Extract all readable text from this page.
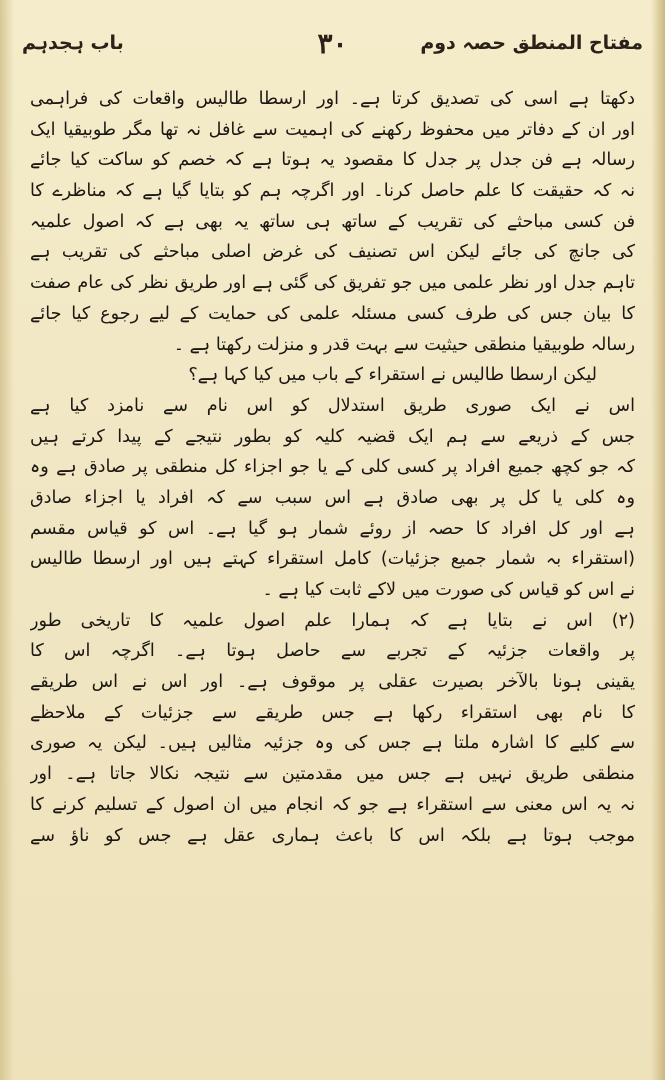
مفتاح المنطق حصہ دوم
۳۰
باب ہجدہم
دکھتا ہے اسی کی تصدیق کرتا ہے۔ اور ارسطا طالیس واقعات کی فراہمی
اور ان کے دفاتر میں محفوظ رکھنے کی اہمیت سے غافل نہ تھا مگر طوبیقیا ایک
رسالہ ہے فن جدل پر جدل کا مقصود یہ ہوتا ہے کہ خصم کو ساکت کیا جائے
نہ کہ حقیقت کا علم حاصل کرنا۔ اور اگرچہ ہم کو بتایا گیا ہے کہ مناظرے کا
فن کسی مباحثے کی تقریب کے ساتھ ہی ساتھ یہ بھی ہے کہ اصول علمیہ
کی جانچ کی جائے لیکن اس تصنیف کی غرض اصلی مباحثے کی تقریب ہے
تاہم جدل اور نظر علمی میں جو تفریق کی گئی ہے اور طریق نظر کی عام صفت
کا بیان جس کی طرف کسی مسئلہ علمی کی حمایت کے لیے رجوع کیا جائے
رسالہ طوبیقیا منطقی حیثیت سے بہت قدر و منزلت رکھتا ہے ۔
لیکن ارسطا طالیس نے استقراء کے باب میں کیا کہا ہے؟
اس نے ایک صوری طریق استدلال کو اس نام سے نامزد کیا ہے
جس کے ذریعے سے ہم ایک قضیہ کلیہ کو بطور نتیجے کے پیدا کرتے ہیں
کہ جو کچھ جمیع افراد پر کسی کلی کے یا جو اجزاء کل منطقی پر صادق ہے وہ
وہ کلی یا کل پر بھی صادق ہے اس سبب سے کہ افراد یا اجزاء صادق
ہے اور کل افراد کا حصہ از روئے شمار ہو گیا ہے۔ اس کو قیاس مقسم
(استقراء بہ شمار جمیع جزئیات) کامل استقراء کہتے ہیں اور ارسطا طالیس
نے اس کو قیاس کی صورت میں لاکے ثابت کیا ہے ۔
(۲) اس نے بتایا ہے کہ ہمارا علم اصول علمیہ کا تاریخی طور
پر واقعات جزئیہ کے تجربے سے حاصل ہوتا ہے۔ اگرچہ اس کا
یقینی ہونا بالآخر بصیرت عقلی پر موقوف ہے۔ اور اس نے اس طریقے
کا نام بھی استقراء رکھا ہے جس طریقے سے جزئیات کے ملاحظے
سے کلیے کا اشارہ ملتا ہے جس کی وہ جزئیہ مثالیں ہیں۔ لیکن یہ صوری
منطقی طریق نہیں ہے جس میں مقدمتین سے نتیجہ نکالا جاتا ہے۔ اور
نہ یہ اس معنی سے استقراء ہے جو کہ انجام میں ان اصول کے تسلیم کرنے کا
موجب ہوتا ہے بلکہ اس کا باعث ہماری عقل ہے جس کو ناؤ سے
